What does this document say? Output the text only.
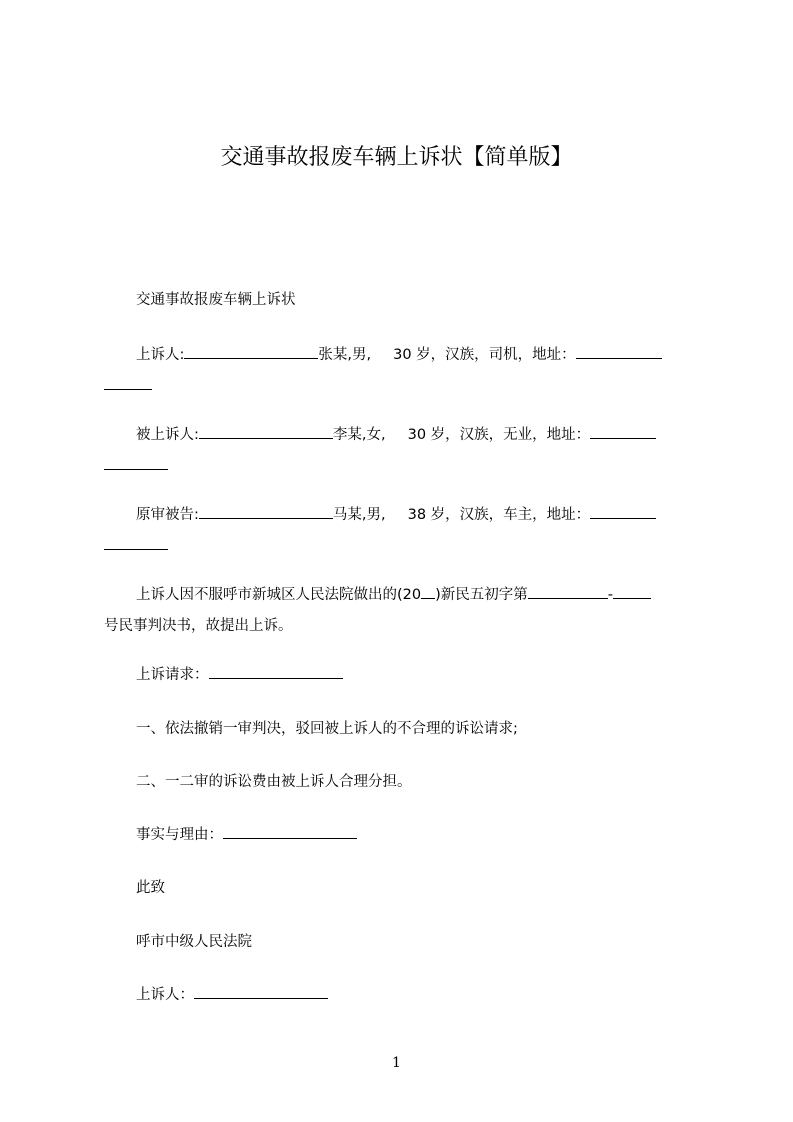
交通事故报废车辆上诉状【简单版】

交通事故报废车辆上诉状

上诉人:	张某,男, 30 岁，汉族，司机，地址：

被上诉人:	李某,女, 30 岁，汉族，无业，地址：

原审被告:	马某,男, 38 岁，汉族，车主，地址：

上诉人因不服呼市新城区人民法院做出的(20 )新民五初字第	-
号民事判决书，故提出上诉。

上诉请求：

一、依法撤销一审判决，驳回被上诉人的不合理的诉讼请求;

二、一二审的诉讼费由被上诉人合理分担。

事实与理由：

此致

呼市中级人民法院

上诉人：

1
